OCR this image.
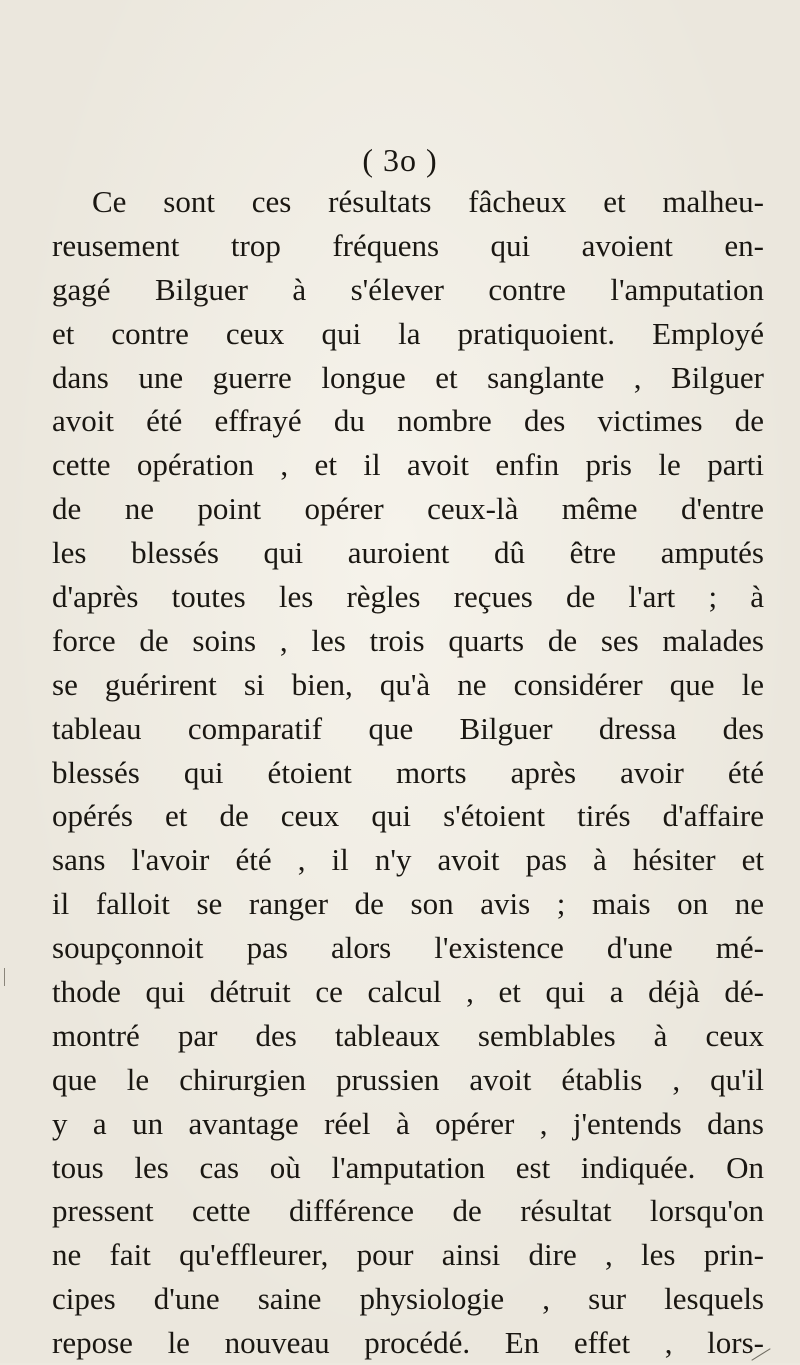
( 3o )
Ce sont ces résultats fâcheux et malheu-
reusement trop fréquens qui avoient en-
gagé Bilguer à s'élever contre l'amputation
et contre ceux qui la pratiquoient. Employé
dans une guerre longue et sanglante , Bilguer
avoit été effrayé du nombre des victimes de
cette opération , et il avoit enfin pris le parti
de ne point opérer ceux-là même d'entre
les blessés qui auroient dû être amputés
d'après toutes les règles reçues de l'art ; à
force de soins , les trois quarts de ses malades
se guérirent si bien, qu'à ne considérer que le
tableau comparatif que Bilguer dressa des
blessés qui étoient morts après avoir été
opérés et de ceux qui s'étoient tirés d'affaire
sans l'avoir été , il n'y avoit pas à hésiter et
il falloit se ranger de son avis ; mais on ne
soupçonnoit pas alors l'existence d'une mé-
thode qui détruit ce calcul , et qui a déjà dé-
montré par des tableaux semblables à ceux
que le chirurgien prussien avoit établis , qu'il
y a un avantage réel à opérer , j'entends dans
tous les cas où l'amputation est indiquée. On
pressent cette différence de résultat lorsqu'on
ne fait qu'effleurer, pour ainsi dire , les prin-
cipes d'une saine physiologie , sur lesquels
repose le nouveau procédé. En effet , lors-
